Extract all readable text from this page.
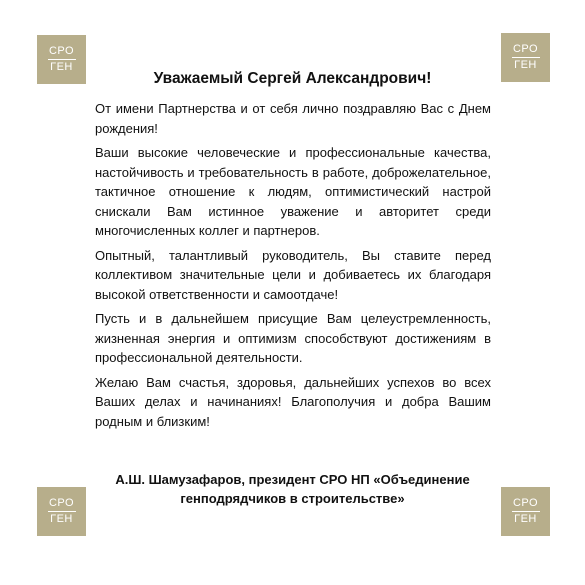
СРО
ГЕН
СРО
ГЕН
СРО
ГЕН
СРО
ГЕН
Уважаемый Сергей Александрович!

От имени Партнерства и от себя лично поздравляю Вас с Днем рождения!

Ваши высокие человеческие и профессиональные качества, настойчивость и требовательность в работе, доброжелательное, тактичное отношение к людям, оптимистический настрой снискали Вам истинное уважение и авторитет среди многочисленных коллег и партнеров.

Опытный, талантливый руководитель, Вы ставите перед коллективом значительные цели и добиваетесь их благодаря высокой ответственности и самоотдаче!

Пусть и в дальнейшем присущие Вам целеустремленность, жизненная энергия и оптимизм способствуют достижениям в профессиональной деятельности.

Желаю Вам счастья, здоровья, дальнейших успехов во всех Ваших делах и начинаниях! Благополучия и добра Вашим родным и близким!

А.Ш. Шамузафаров, президент СРО НП «Объединение
генподрядчиков в строительстве»
